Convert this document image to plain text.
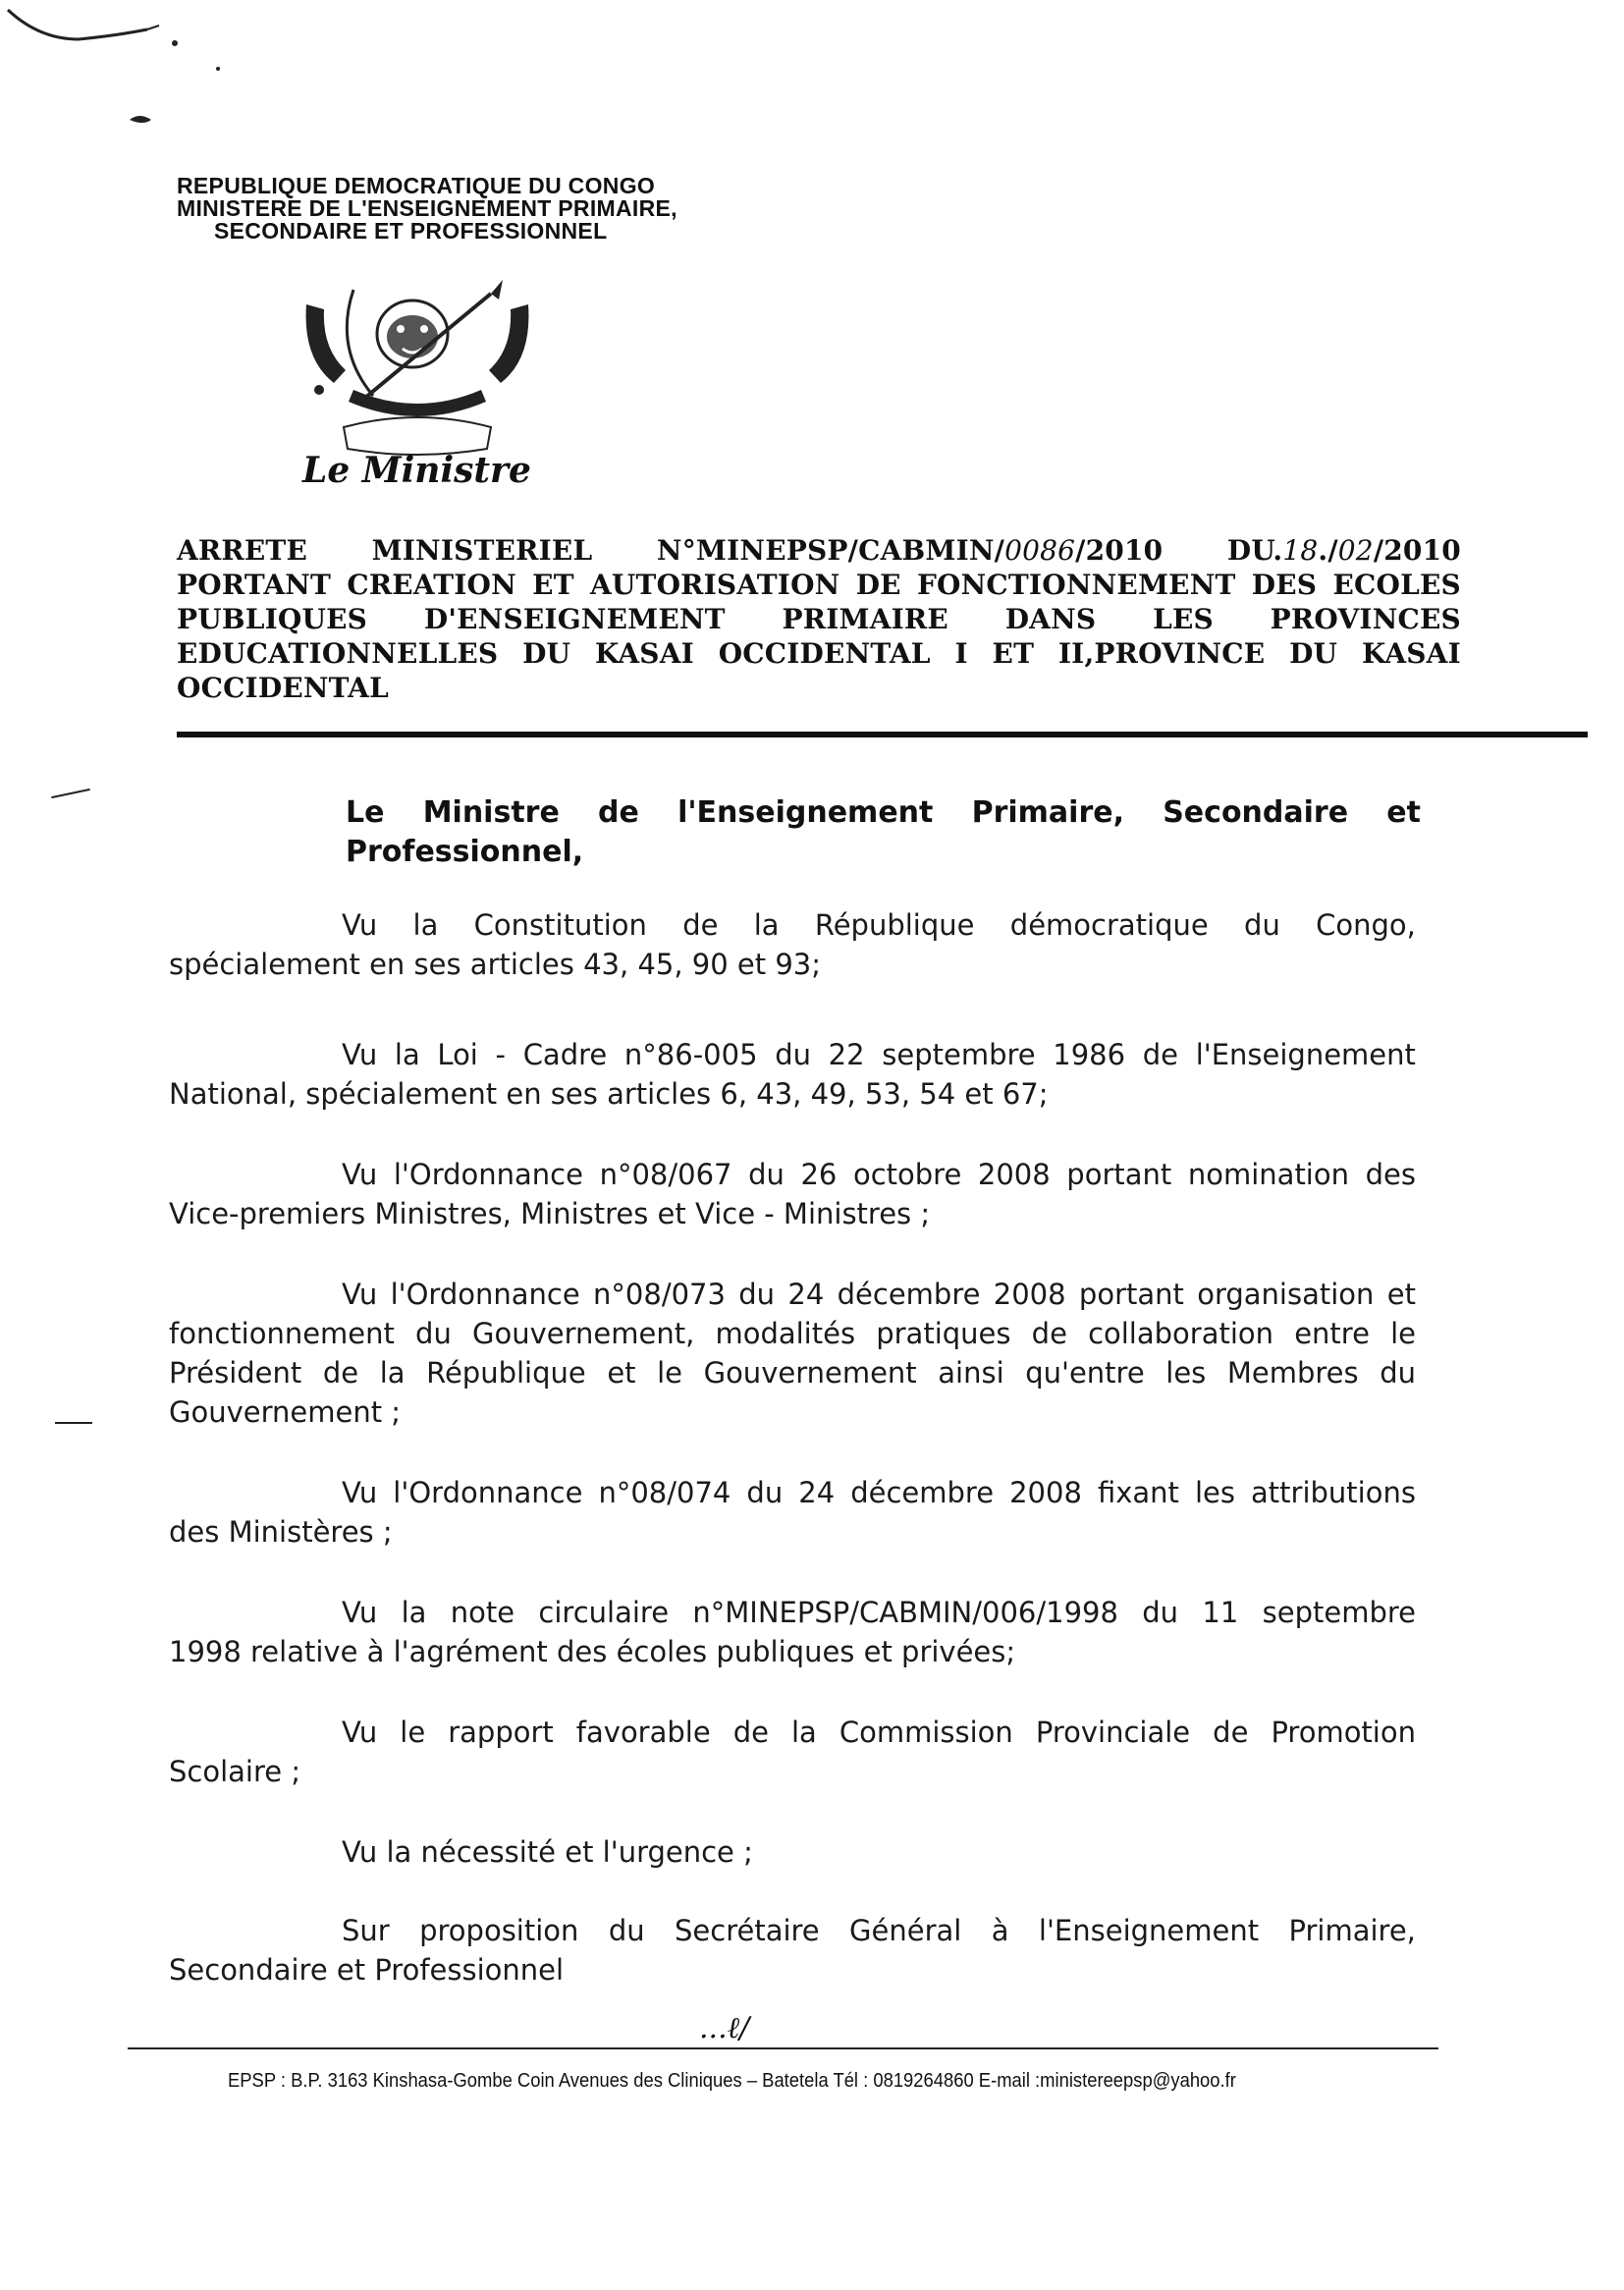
REPUBLIQUE DEMOCRATIQUE DU CONGO
MINISTERE DE L'ENSEIGNEMENT PRIMAIRE,
SECONDAIRE ET PROFESSIONNEL
Le Ministre
ARRETE MINISTERIEL N°MINEPSP/CABMIN/0086/2010 DU.18./02/2010
PORTANT CREATION ET AUTORISATION DE FONCTIONNEMENT DES ECOLES
PUBLIQUES D'ENSEIGNEMENT PRIMAIRE DANS LES PROVINCES
EDUCATIONNELLES DU KASAI OCCIDENTAL I ET II,PROVINCE DU KASAI
OCCIDENTAL
Le Ministre de l'Enseignement Primaire, Secondaire et
Professionnel,
Vu la Constitution de la République démocratique du Congo,
spécialement en ses articles 43, 45, 90 et 93;
Vu la Loi - Cadre n°86-005 du 22 septembre 1986 de l'Enseignement
National, spécialement en ses articles 6, 43, 49, 53, 54 et 67;
Vu l'Ordonnance n°08/067 du 26 octobre 2008 portant nomination des
Vice-premiers Ministres, Ministres et Vice - Ministres ;
Vu l'Ordonnance n°08/073 du 24 décembre 2008 portant organisation et
fonctionnement du Gouvernement, modalités pratiques de collaboration entre le
Président de la République et le Gouvernement ainsi qu'entre les Membres du
Gouvernement ;
Vu l'Ordonnance n°08/074 du 24 décembre 2008 fixant les attributions
des Ministères ;
Vu la note circulaire n°MINEPSP/CABMIN/006/1998 du 11 septembre
1998 relative à l'agrément des écoles publiques et privées;
Vu le rapport favorable de la Commission Provinciale de Promotion
Scolaire ;
Vu la nécessité et l'urgence ;
Sur proposition du Secrétaire Général à l'Enseignement Primaire,
Secondaire et Professionnel
...ℓ/
EPSP : B.P. 3163 Kinshasa-Gombe Coin Avenues des Cliniques – Batetela Tél : 0819264860 E-mail :ministereepsp@yahoo.fr
